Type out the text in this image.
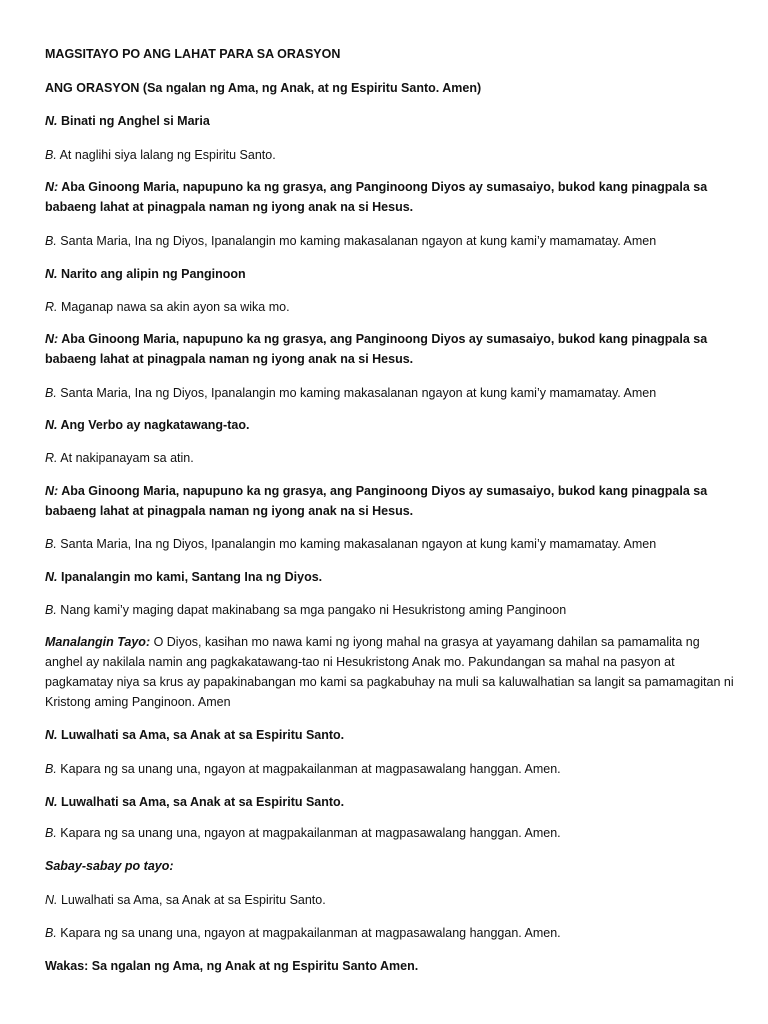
MAGSITAYO PO ANG LAHAT PARA SA ORASYON

ANG ORASYON (Sa ngalan ng Ama, ng Anak, at ng Espiritu Santo. Amen)

N. Binati ng Anghel si Maria

B. At naglihi siya lalang ng Espiritu Santo.

N: Aba Ginoong Maria, napupuno ka ng grasya, ang Panginoong Diyos ay sumasaiyo, bukod kang pinagpala sa babaeng lahat at pinagpala naman ng iyong anak na si Hesus.

B. Santa Maria, Ina ng Diyos, Ipanalangin mo kaming makasalanan ngayon at kung kami’y mamamatay. Amen

N. Narito ang alipin ng Panginoon

R. Maganap nawa sa akin ayon sa wika mo.

N: Aba Ginoong Maria, napupuno ka ng grasya, ang Panginoong Diyos ay sumasaiyo, bukod kang pinagpala sa babaeng lahat at pinagpala naman ng iyong anak na si Hesus.

B. Santa Maria, Ina ng Diyos, Ipanalangin mo kaming makasalanan ngayon at kung kami’y mamamatay. Amen

N. Ang Verbo ay nagkatawang-tao.

R. At nakipanayam sa atin.

N: Aba Ginoong Maria, napupuno ka ng grasya, ang Panginoong Diyos ay sumasaiyo, bukod kang pinagpala sa babaeng lahat at pinagpala naman ng iyong anak na si Hesus.

B. Santa Maria, Ina ng Diyos, Ipanalangin mo kaming makasalanan ngayon at kung kami’y mamamatay. Amen

N. Ipanalangin mo kami, Santang Ina ng Diyos.

B. Nang kami’y maging dapat makinabang sa mga pangako ni Hesukristong aming Panginoon

Manalangin Tayo: O Diyos, kasihan mo nawa kami ng iyong mahal na grasya at yayamang dahilan sa pamamalita ng anghel ay nakilala namin ang pagkakatawang-tao ni Hesukristong Anak mo. Pakundangan sa mahal na pasyon at pagkamatay niya sa krus ay papakinabangan mo kami sa pagkabuhay na muli sa kaluwalhatian sa langit sa pamamagitan ni Kristong aming Panginoon. Amen

N. Luwalhati sa Ama, sa Anak at sa Espiritu Santo.

B. Kapara ng sa unang una, ngayon at magpakailanman at magpasawalang hanggan. Amen.

N. Luwalhati sa Ama, sa Anak at sa Espiritu Santo.

B. Kapara ng sa unang una, ngayon at magpakailanman at magpasawalang hanggan. Amen.

Sabay-sabay po tayo:

N. Luwalhati sa Ama, sa Anak at sa Espiritu Santo.

B. Kapara ng sa unang una, ngayon at magpakailanman at magpasawalang hanggan. Amen.

Wakas: Sa ngalan ng Ama, ng Anak at ng Espiritu Santo Amen.
